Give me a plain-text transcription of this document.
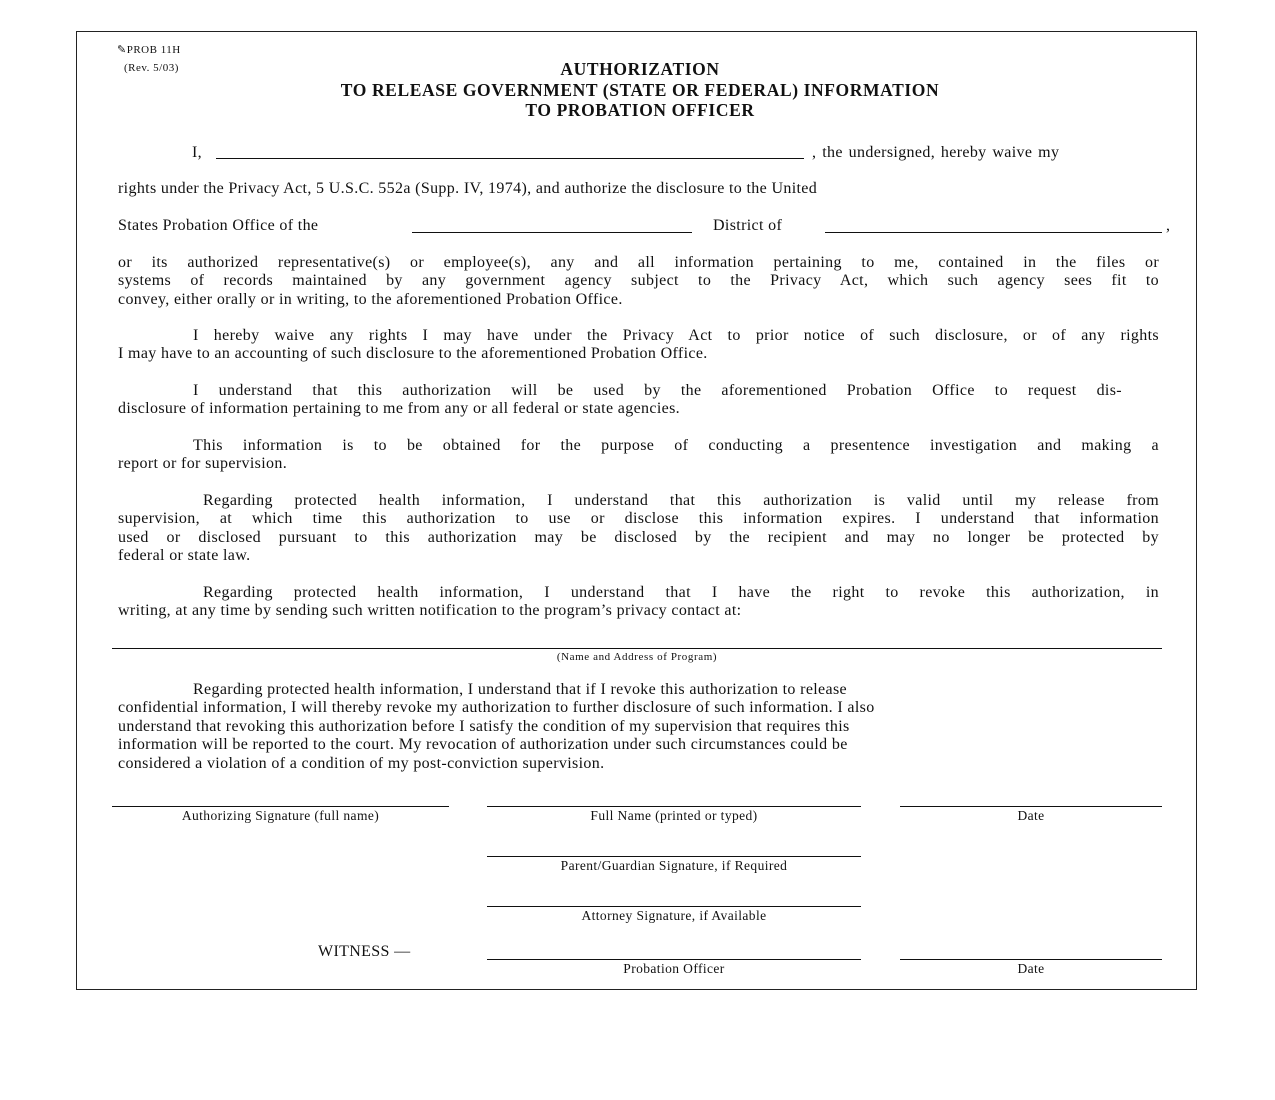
✎PROB 11H
(Rev. 5/03)	AUTHORIZATION
TO RELEASE GOVERNMENT (STATE OR FEDERAL) INFORMATION
TO PROBATION OFFICER
I,	, the undersigned, hereby waive my
rights under the Privacy Act, 5 U.S.C. 552a (Supp. IV, 1974), and authorize the disclosure to the United
States Probation Office of the	District of	,
or its authorized representative(s) or employee(s), any and all information pertaining to me, contained in the files or
systems of records maintained by any government agency subject to the Privacy Act, which such agency sees fit to
convey, either orally or in writing, to the aforementioned Probation Office.
I hereby waive any rights I may have under the Privacy Act to prior notice of such disclosure, or of any rights
I may have to an accounting of such disclosure to the aforementioned Probation Office.
I understand that this authorization will be used by the aforementioned Probation Office to request dis-
disclosure of information pertaining to me from any or all federal or state agencies.
This information is to be obtained for the purpose of conducting a presentence investigation and making a
report or for supervision.
Regarding protected health information, I understand that this authorization is valid until my release from
supervision, at which time this authorization to use or disclose this information expires. I understand that information
used or disclosed pursuant to this authorization may be disclosed by the recipient and may no longer be protected by
federal or state law.
Regarding protected health information, I understand that I have the right to revoke this authorization, in
writing, at any time by sending such written notification to the program’s privacy contact at:
(Name and Address of Program)
Regarding protected health information, I understand that if I revoke this authorization to release
confidential information, I will thereby revoke my authorization to further disclosure of such information. I also
understand that revoking this authorization before I satisfy the condition of my supervision that requires this
information will be reported to the court. My revocation of authorization under such circumstances could be
considered a violation of a condition of my post-conviction supervision.
Authorizing Signature (full name)	Full Name (printed or typed)	Date
Parent/Guardian Signature, if Required
Attorney Signature, if Available
WITNESS —
Probation Officer	Date
